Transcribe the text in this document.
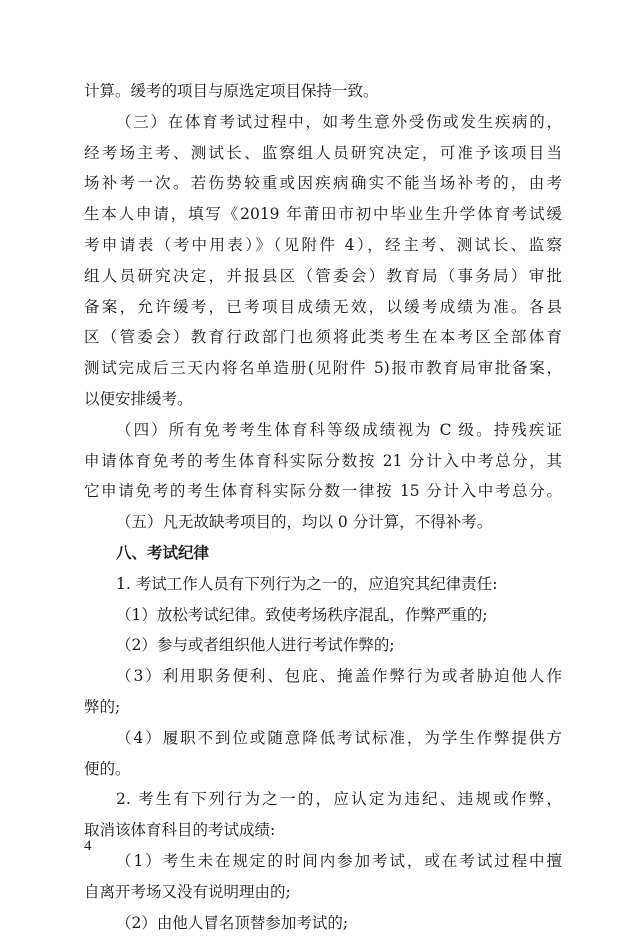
计算。缓考的项目与原选定项目保持一致。
（三）在体育考试过程中，如考生意外受伤或发生疾病的，
经考场主考、测试长、监察组人员研究决定，可准予该项目当
场补考一次。若伤势较重或因疾病确实不能当场补考的，由考
生本人申请，填写《2019 年莆田市初中毕业生升学体育考试缓
考申请表（考中用表）》（见附件 4），经主考、测试长、监察
组人员研究决定，并报县区（管委会）教育局（事务局）审批
备案，允许缓考，已考项目成绩无效，以缓考成绩为准。各县
区（管委会）教育行政部门也须将此类考生在本考区全部体育
测试完成后三天内将名单造册(见附件 5)报市教育局审批备案，
以便安排缓考。
（四）所有免考考生体育科等级成绩视为 C 级。持残疾证
申请体育免考的考生体育科实际分数按 21 分计入中考总分，其
它申请免考的考生体育科实际分数一律按 15 分计入中考总分。
（五）凡无故缺考项目的，均以 0 分计算，不得补考。
八、考试纪律
1. 考试工作人员有下列行为之一的，应追究其纪律责任:
（1）放松考试纪律。致使考场秩序混乱，作弊严重的;
（2）参与或者组织他人进行考试作弊的;
（3）利用职务便利、包庇、掩盖作弊行为或者胁迫他人作
弊的;
（4）履职不到位或随意降低考试标准，为学生作弊提供方
便的。
2. 考生有下列行为之一的，应认定为违纪、违规或作弊，
取消该体育科目的考试成绩:
（1）考生未在规定的时间内参加考试，或在考试过程中擅
自离开考场又没有说明理由的;
（2）由他人冒名顶替参加考试的;
4
